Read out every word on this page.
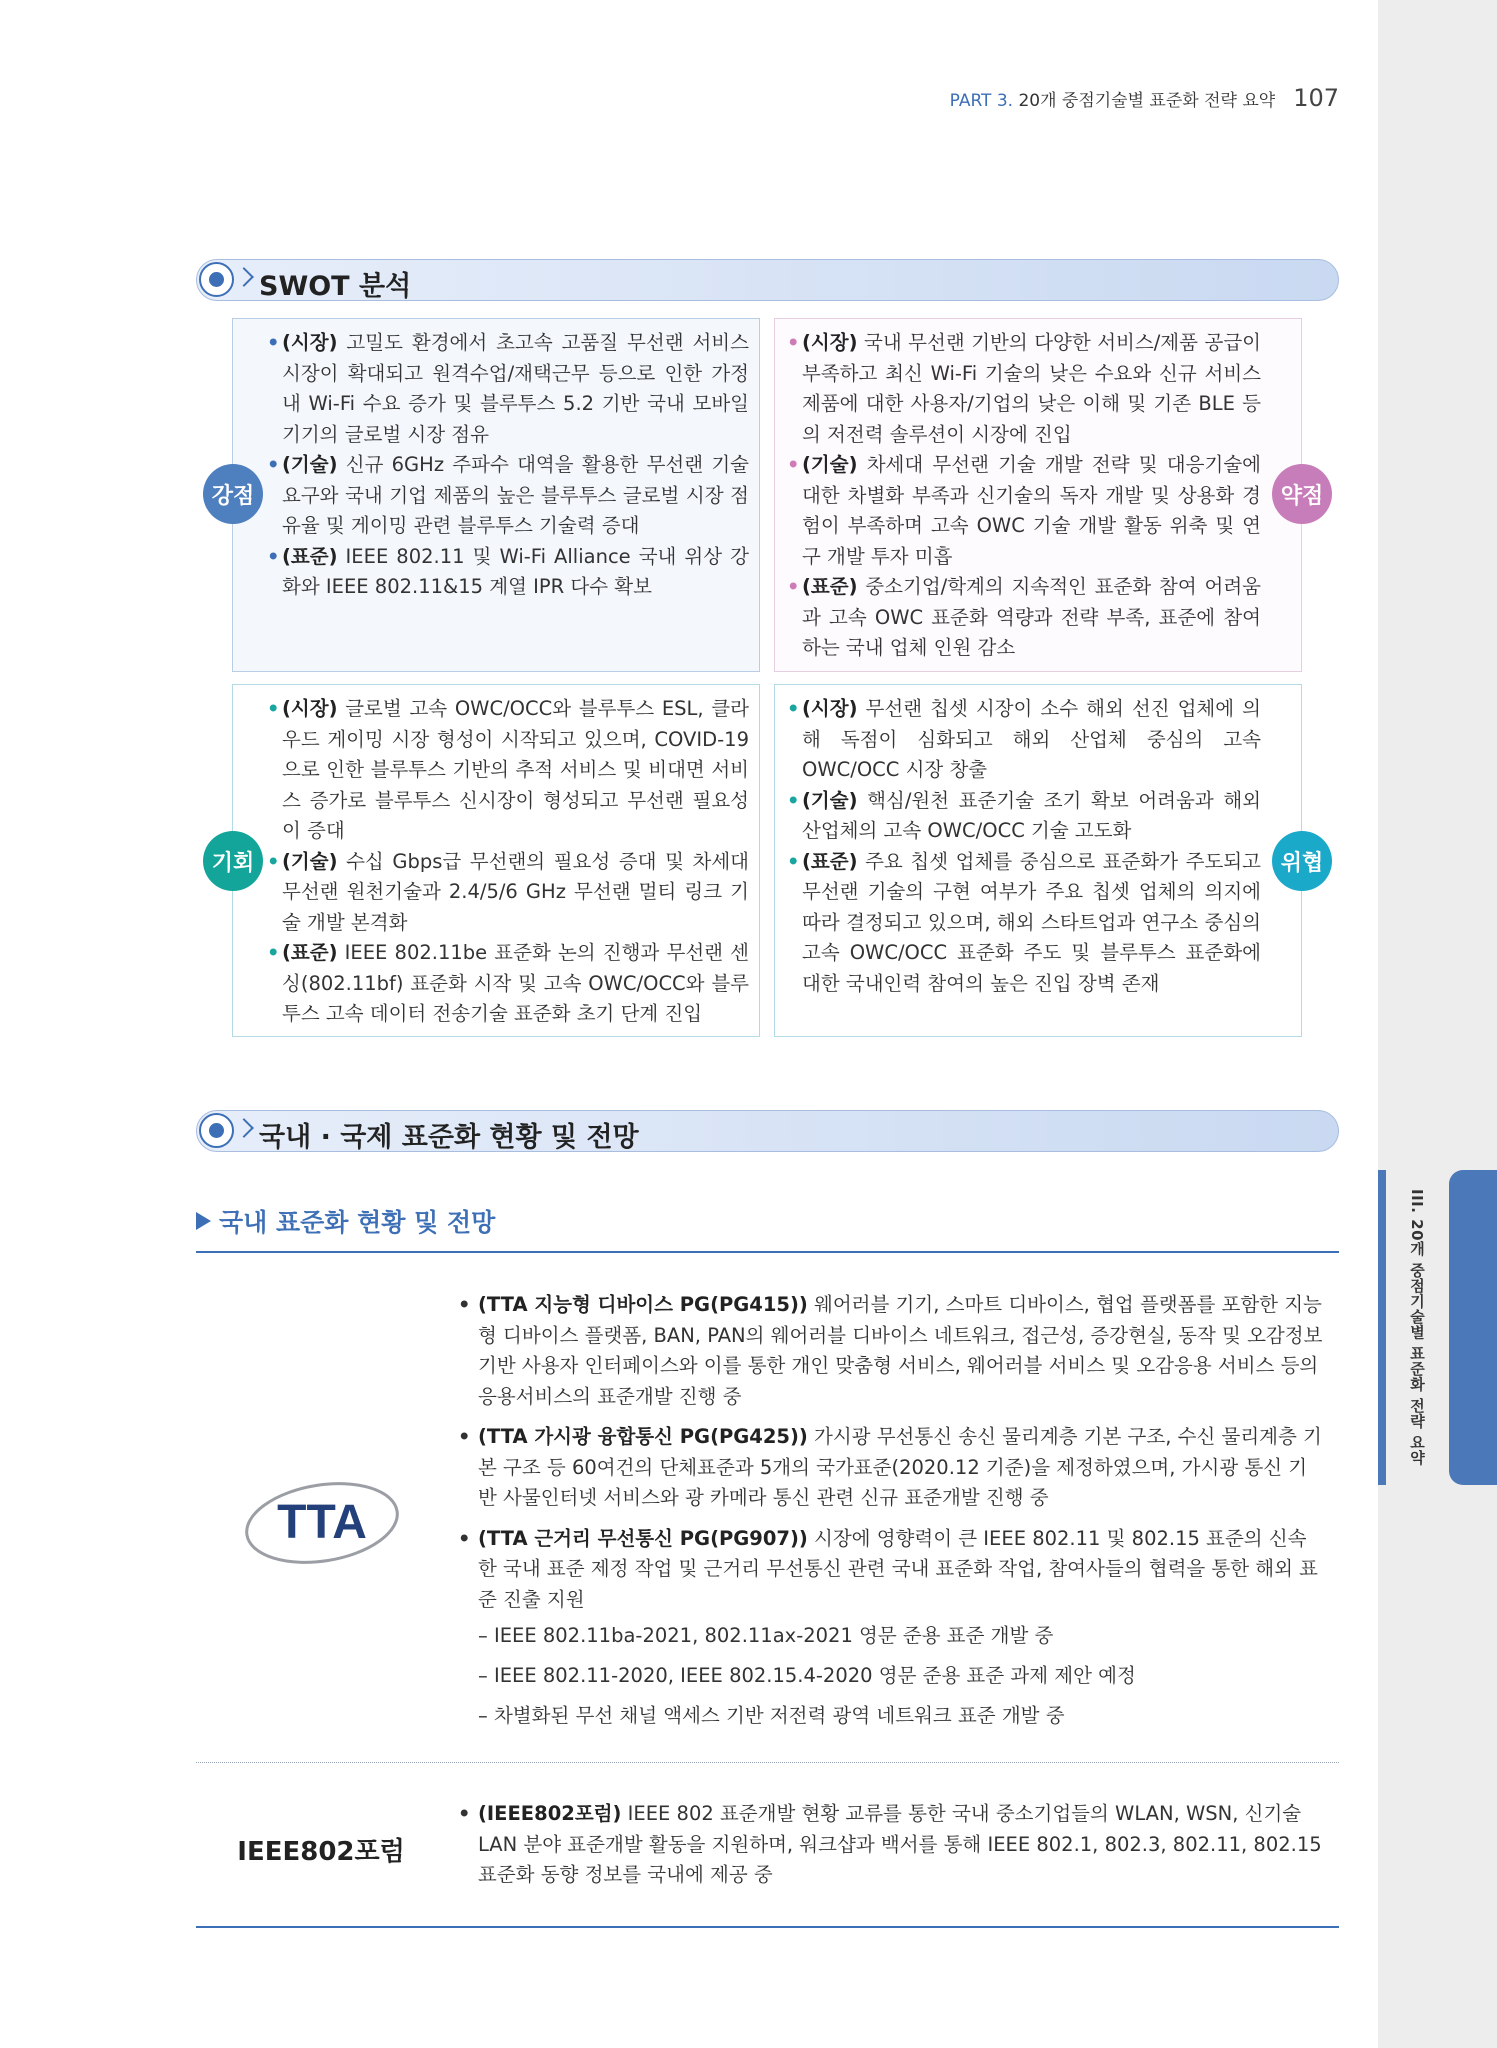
III. 20개 중점기술별 표준화 전략 요약
PART 3. 20개 중점기술별 표준화 전략 요약 107
SWOT 분석
• (시장) 고밀도 환경에서 초고속 고품질 무선랜 서비스 시장이 확대되고 원격수업/재택근무 등으로 인한 가정 내 Wi-Fi 수요 증가 및 블루투스 5.2 기반 국내 모바일 기기의 글로벌 시장 점유
• (기술) 신규 6GHz 주파수 대역을 활용한 무선랜 기술 요구와 국내 기업 제품의 높은 블루투스 글로벌 시장 점유율 및 게이밍 관련 블루투스 기술력 증대
• (표준) IEEE 802.11 및 Wi-Fi Alliance 국내 위상 강화와 IEEE 802.11&15 계열 IPR 다수 확보
• (시장) 국내 무선랜 기반의 다양한 서비스/제품 공급이 부족하고 최신 Wi-Fi 기술의 낮은 수요와 신규 서비스 제품에 대한 사용자/기업의 낮은 이해 및 기존 BLE 등의 저전력 솔루션이 시장에 진입
• (기술) 차세대 무선랜 기술 개발 전략 및 대응기술에 대한 차별화 부족과 신기술의 독자 개발 및 상용화 경험이 부족하며 고속 OWC 기술 개발 활동 위축 및 연구 개발 투자 미흡
• (표준) 중소기업/학계의 지속적인 표준화 참여 어려움과 고속 OWC 표준화 역량과 전략 부족, 표준에 참여하는 국내 업체 인원 감소
• (시장) 글로벌 고속 OWC/OCC와 블루투스 ESL, 클라우드 게이밍 시장 형성이 시작되고 있으며, COVID-19으로 인한 블루투스 기반의 추적 서비스 및 비대면 서비스 증가로 블루투스 신시장이 형성되고 무선랜 필요성이 증대
• (기술) 수십 Gbps급 무선랜의 필요성 증대 및 차세대 무선랜 원천기술과 2.4/5/6 GHz 무선랜 멀티 링크 기술 개발 본격화
• (표준) IEEE 802.11be 표준화 논의 진행과 무선랜 센싱(802.11bf) 표준화 시작 및 고속 OWC/OCC와 블루투스 고속 데이터 전송기술 표준화 초기 단계 진입
• (시장) 무선랜 칩셋 시장이 소수 해외 선진 업체에 의해 독점이 심화되고 해외 산업체 중심의 고속 OWC/OCC 시장 창출
• (기술) 핵심/원천 표준기술 조기 확보 어려움과 해외 산업체의 고속 OWC/OCC 기술 고도화
• (표준) 주요 칩셋 업체를 중심으로 표준화가 주도되고 무선랜 기술의 구현 여부가 주요 칩셋 업체의 의지에 따라 결정되고 있으며, 해외 스타트업과 연구소 중심의 고속 OWC/OCC 표준화 주도 및 블루투스 표준화에 대한 국내인력 참여의 높은 진입 장벽 존재
강점	약점
기회	위협
국내 · 국제 표준화 현황 및 전망
국내 표준화 현황 및 전망
TTA
• (TTA 지능형 디바이스 PG(PG415)) 웨어러블 기기, 스마트 디바이스, 협업 플랫폼를 포함한 지능형 디바이스 플랫폼, BAN, PAN의 웨어러블 디바이스 네트워크, 접근성, 증강현실, 동작 및 오감정보 기반 사용자 인터페이스와 이를 통한 개인 맞춤형 서비스, 웨어러블 서비스 및 오감응용 서비스 등의 응용서비스의 표준개발 진행 중
• (TTA 가시광 융합통신 PG(PG425)) 가시광 무선통신 송신 물리계층 기본 구조, 수신 물리계층 기본 구조 등 60여건의 단체표준과 5개의 국가표준(2020.12 기준)을 제정하였으며, 가시광 통신 기반 사물인터넷 서비스와 광 카메라 통신 관련 신규 표준개발 진행 중
• (TTA 근거리 무선통신 PG(PG907)) 시장에 영향력이 큰 IEEE 802.11 및 802.15 표준의 신속한 국내 표준 제정 작업 및 근거리 무선통신 관련 국내 표준화 작업, 참여사들의 협력을 통한 해외 표준 진출 지원
– IEEE 802.11ba-2021, 802.11ax-2021 영문 준용 표준 개발 중
– IEEE 802.11-2020, IEEE 802.15.4-2020 영문 준용 표준 과제 제안 예정
– 차별화된 무선 채널 액세스 기반 저전력 광역 네트워크 표준 개발 중
IEEE802포럼
• (IEEE802포럼) IEEE 802 표준개발 현황 교류를 통한 국내 중소기업들의 WLAN, WSN, 신기술 LAN 분야 표준개발 활동을 지원하며, 워크샵과 백서를 통해 IEEE 802.1, 802.3, 802.11, 802.15 표준화 동향 정보를 국내에 제공 중
